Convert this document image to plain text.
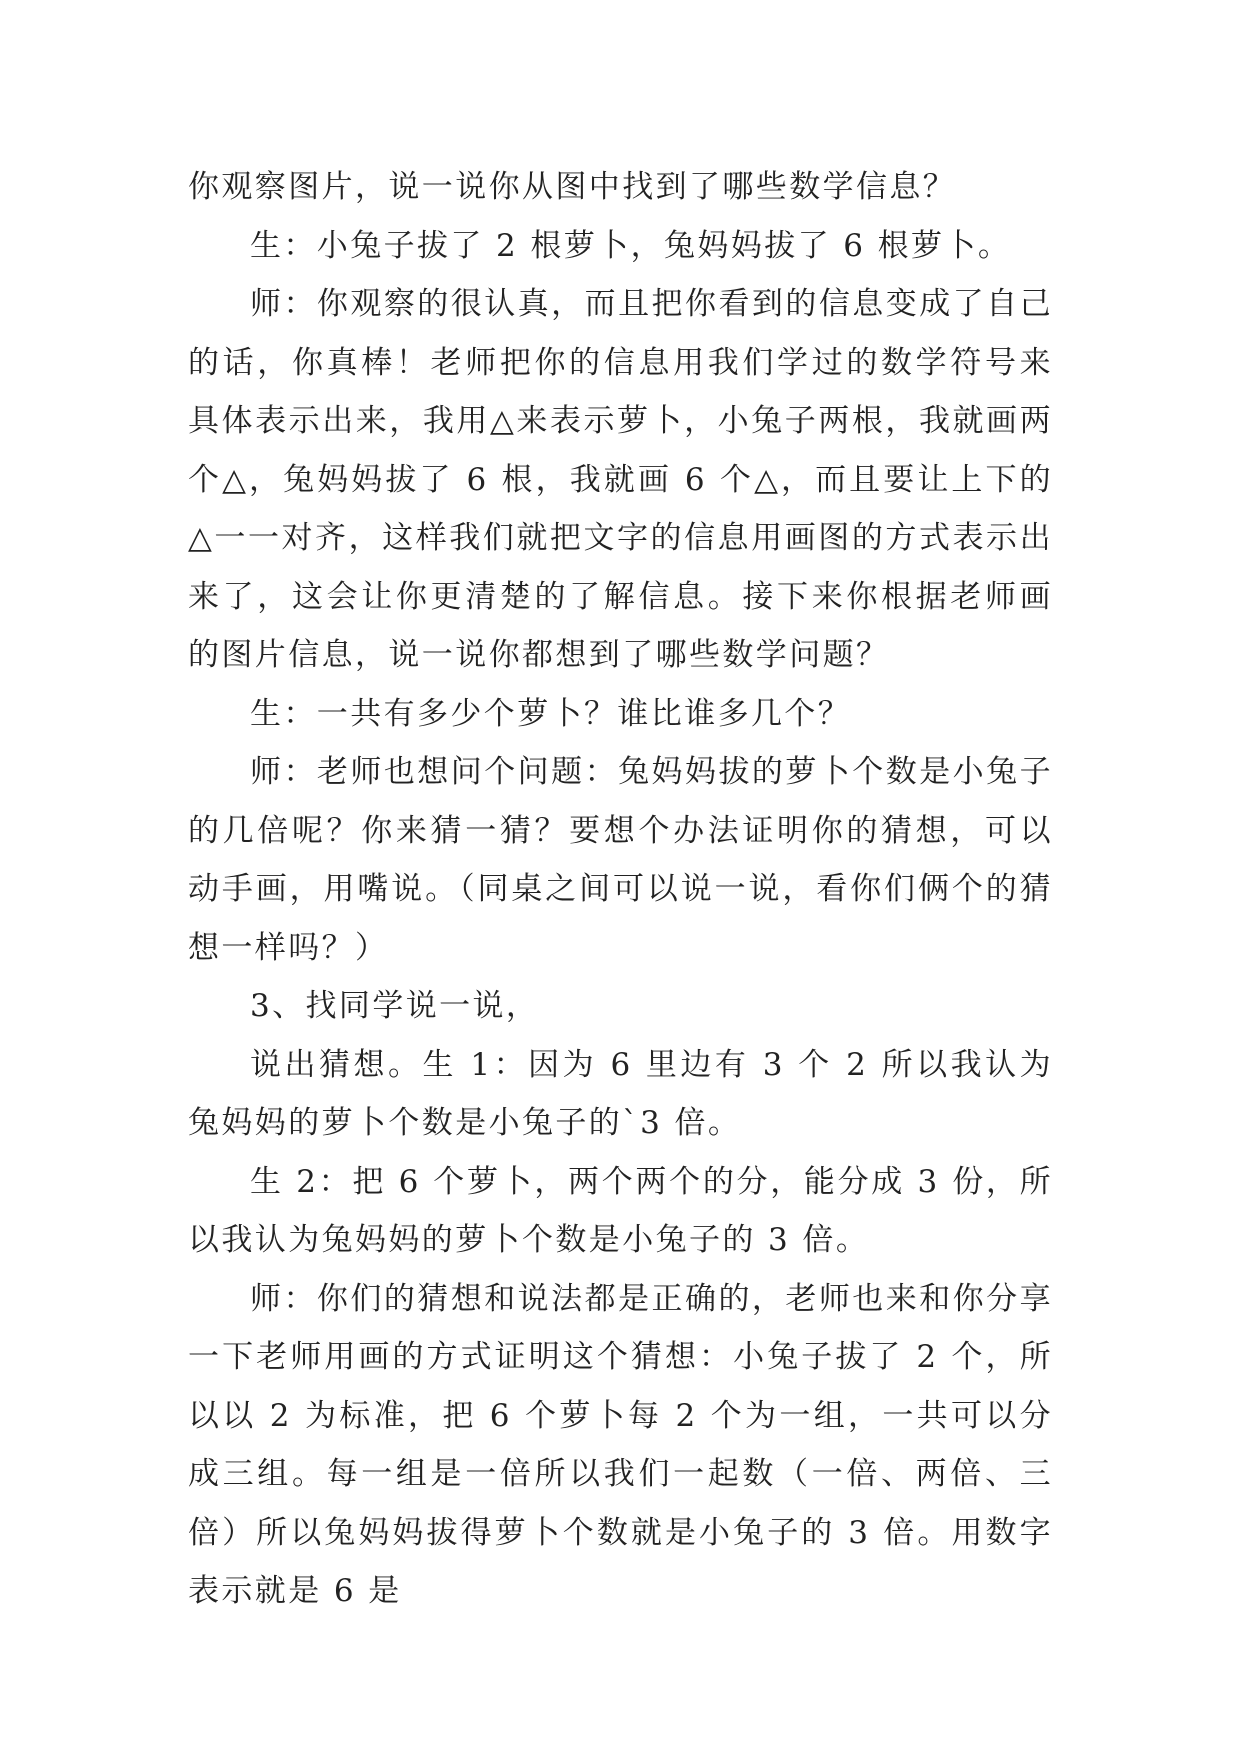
你观察图片，说一说你从图中找到了哪些数学信息？

生：小兔子拔了 2 根萝卜，兔妈妈拔了 6 根萝卜。

师：你观察的很认真，而且把你看到的信息变成了自己的话，你真棒！老师把你的信息用我们学过的数学符号来具体表示出来，我用△来表示萝卜，小兔子两根，我就画两个△，兔妈妈拔了 6 根，我就画 6 个△，而且要让上下的△一一对齐，这样我们就把文字的信息用画图的方式表示出来了，这会让你更清楚的了解信息。接下来你根据老师画的图片信息，说一说你都想到了哪些数学问题？

生：一共有多少个萝卜？谁比谁多几个？

师：老师也想问个问题：兔妈妈拔的萝卜个数是小兔子的几倍呢？你来猜一猜？要想个办法证明你的猜想，可以动手画，用嘴说。（同桌之间可以说一说，看你们俩个的猜想一样吗？）

3、找同学说一说，

说出猜想。生 1：因为 6 里边有 3 个 2 所以我认为兔妈妈的萝卜个数是小兔子的`3 倍。

生 2：把 6 个萝卜，两个两个的分，能分成 3 份，所以我认为兔妈妈的萝卜个数是小兔子的 3 倍。

师：你们的猜想和说法都是正确的，老师也来和你分享一下老师用画的方式证明这个猜想：小兔子拔了 2 个，所以以 2 为标准，把 6 个萝卜每 2 个为一组，一共可以分成三组。每一组是一倍所以我们一起数（一倍、两倍、三倍）所以兔妈妈拔得萝卜个数就是小兔子的 3 倍。用数字表示就是 6 是
